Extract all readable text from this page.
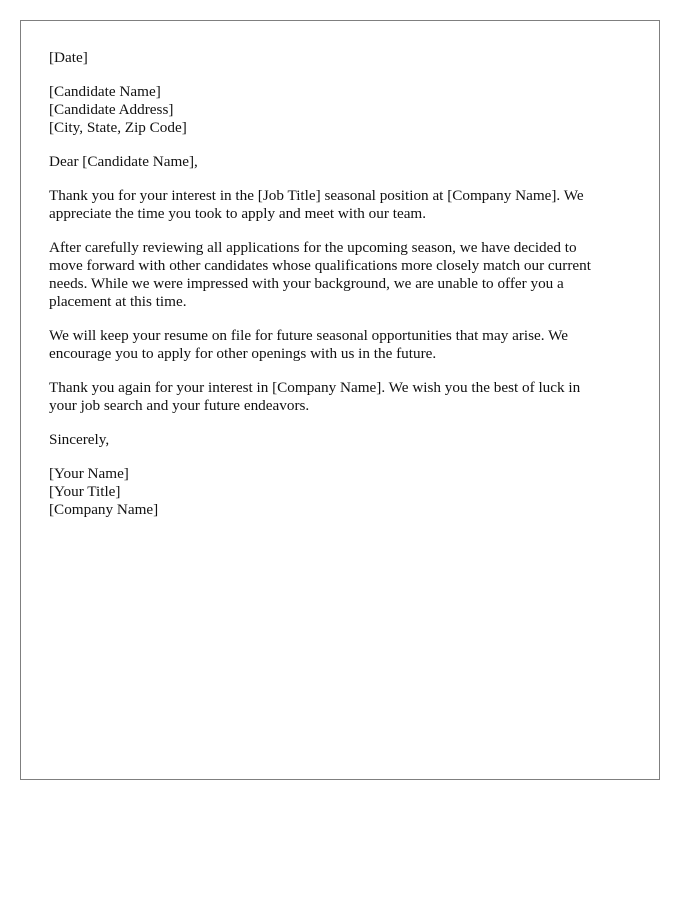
[Date]
[Candidate Name]
[Candidate Address]
[City, State, Zip Code]
Dear [Candidate Name],

Thank you for your interest in the [Job Title] seasonal position at [Company Name]. We
appreciate the time you took to apply and meet with our team.

After carefully reviewing all applications for the upcoming season, we have decided to
move forward with other candidates whose qualifications more closely match our current
needs. While we were impressed with your background, we are unable to offer you a
placement at this time.

We will keep your resume on file for future seasonal opportunities that may arise. We
encourage you to apply for other openings with us in the future.

Thank you again for your interest in [Company Name]. We wish you the best of luck in
your job search and your future endeavors.

Sincerely,
[Your Name]
[Your Title]
[Company Name]
